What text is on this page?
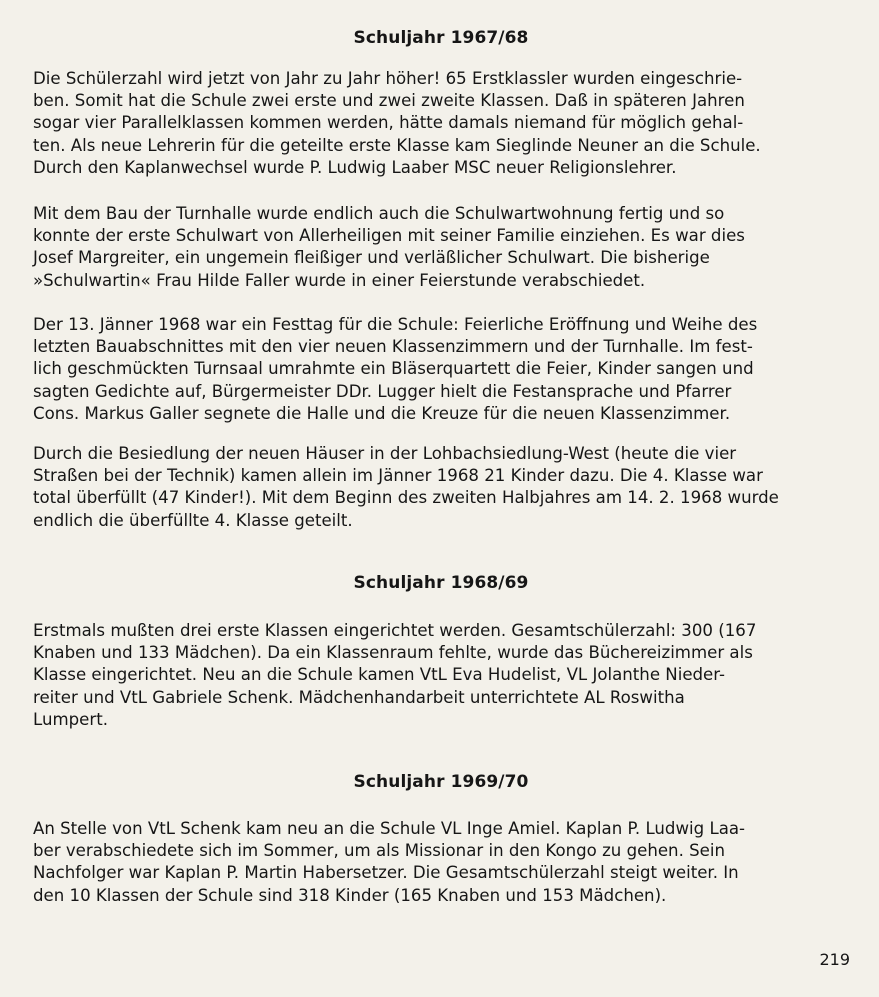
Schuljahr 1967/68

Die Schülerzahl wird jetzt von Jahr zu Jahr höher! 65 Erstklassler wurden eingeschrie-
ben. Somit hat die Schule zwei erste und zwei zweite Klassen. Daß in späteren Jahren
sogar vier Parallelklassen kommen werden, hätte damals niemand für möglich gehal-
ten. Als neue Lehrerin für die geteilte erste Klasse kam Sieglinde Neuner an die Schule.
Durch den Kaplanwechsel wurde P. Ludwig Laaber MSC neuer Religionslehrer.

Mit dem Bau der Turnhalle wurde endlich auch die Schulwartwohnung fertig und so
konnte der erste Schulwart von Allerheiligen mit seiner Familie einziehen. Es war dies
Josef Margreiter, ein ungemein fleißiger und verläßlicher Schulwart. Die bisherige
»Schulwartin« Frau Hilde Faller wurde in einer Feierstunde verabschiedet.

Der 13. Jänner 1968 war ein Festtag für die Schule: Feierliche Eröffnung und Weihe des
letzten Bauabschnittes mit den vier neuen Klassenzimmern und der Turnhalle. Im fest-
lich geschmückten Turnsaal umrahmte ein Bläserquartett die Feier, Kinder sangen und
sagten Gedichte auf, Bürgermeister DDr. Lugger hielt die Festansprache und Pfarrer
Cons. Markus Galler segnete die Halle und die Kreuze für die neuen Klassenzimmer.

Durch die Besiedlung der neuen Häuser in der Lohbachsiedlung-West (heute die vier
Straßen bei der Technik) kamen allein im Jänner 1968 21 Kinder dazu. Die 4. Klasse war
total überfüllt (47 Kinder!). Mit dem Beginn des zweiten Halbjahres am 14. 2. 1968 wurde
endlich die überfüllte 4. Klasse geteilt.

Schuljahr 1968/69

Erstmals mußten drei erste Klassen eingerichtet werden. Gesamtschülerzahl: 300 (167
Knaben und 133 Mädchen). Da ein Klassenraum fehlte, wurde das Büchereizimmer als
Klasse eingerichtet. Neu an die Schule kamen VtL Eva Hudelist, VL Jolanthe Nieder-
reiter und VtL Gabriele Schenk. Mädchenhandarbeit unterrichtete AL Roswitha
Lumpert.

Schuljahr 1969/70

An Stelle von VtL Schenk kam neu an die Schule VL Inge Amiel. Kaplan P. Ludwig Laa-
ber verabschiedete sich im Sommer, um als Missionar in den Kongo zu gehen. Sein
Nachfolger war Kaplan P. Martin Habersetzer. Die Gesamtschülerzahl steigt weiter. In
den 10 Klassen der Schule sind 318 Kinder (165 Knaben und 153 Mädchen).

219
